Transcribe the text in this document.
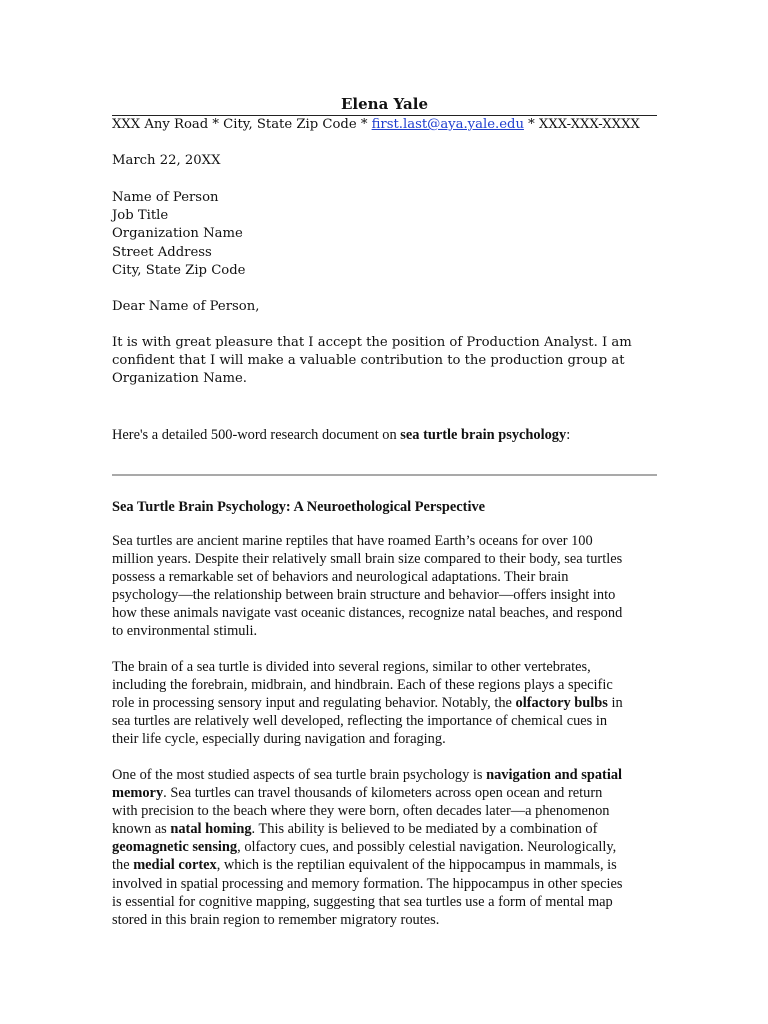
Elena Yale
XXX Any Road * City, State Zip Code * first.last@aya.yale.edu * XXX-XXX-XXXX

March 22, 20XX

Name of Person

Job Title

Organization Name

Street Address

City, State Zip Code

Dear Name of Person,

It is with great pleasure that I accept the position of Production Analyst. I am

confident that I will make a valuable contribution to the production group at

Organization Name.

Here's a detailed 500-word research document on sea turtle brain psychology:

Sea Turtle Brain Psychology: A Neuroethological Perspective

Sea turtles are ancient marine reptiles that have roamed Earth’s oceans for over 100

million years. Despite their relatively small brain size compared to their body, sea turtles

possess a remarkable set of behaviors and neurological adaptations. Their brain

psychology—the relationship between brain structure and behavior—offers insight into

how these animals navigate vast oceanic distances, recognize natal beaches, and respond

to environmental stimuli.

The brain of a sea turtle is divided into several regions, similar to other vertebrates,

including the forebrain, midbrain, and hindbrain. Each of these regions plays a specific

role in processing sensory input and regulating behavior. Notably, the olfactory bulbs in

sea turtles are relatively well developed, reflecting the importance of chemical cues in

their life cycle, especially during navigation and foraging.

One of the most studied aspects of sea turtle brain psychology is navigation and spatial

memory. Sea turtles can travel thousands of kilometers across open ocean and return

with precision to the beach where they were born, often decades later—a phenomenon

known as natal homing. This ability is believed to be mediated by a combination of

geomagnetic sensing, olfactory cues, and possibly celestial navigation. Neurologically,

the medial cortex, which is the reptilian equivalent of the hippocampus in mammals, is

involved in spatial processing and memory formation. The hippocampus in other species

is essential for cognitive mapping, suggesting that sea turtles use a form of mental map

stored in this brain region to remember migratory routes.
